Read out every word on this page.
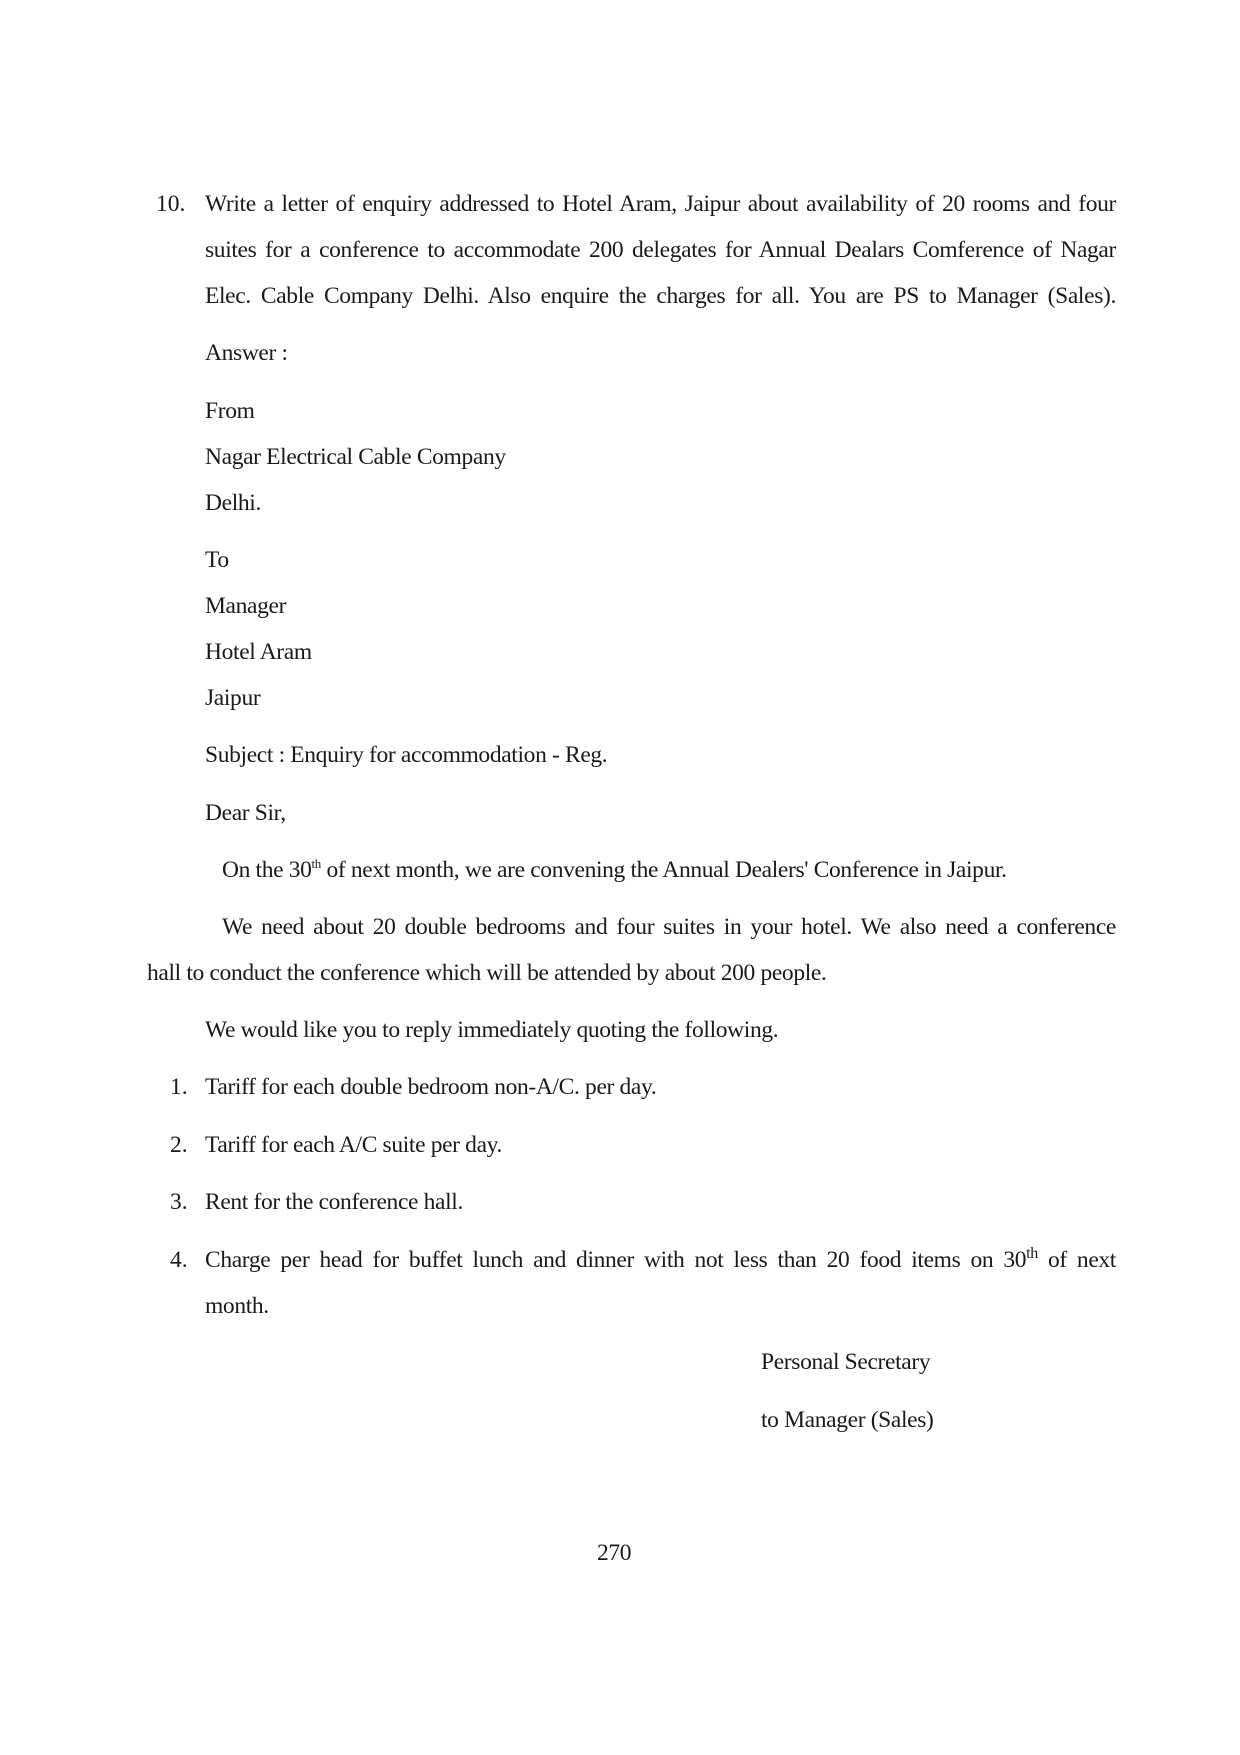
10. Write a letter of enquiry addressed to Hotel Aram, Jaipur about availability of 20 rooms and four
suites for a conference to accommodate 200 delegates for Annual Dealars Comference of Nagar
Elec. Cable Company Delhi. Also enquire the charges for all. You are PS to Manager (Sales).
Answer :
From
Nagar Electrical Cable Company
Delhi.
To
Manager
Hotel Aram
Jaipur
Subject : Enquiry for accommodation - Reg.
Dear Sir,
On the 30th of next month, we are convening the Annual Dealers' Conference in Jaipur.
We need about 20 double bedrooms and four suites in your hotel. We also need a conference
hall to conduct the conference which will be attended by about 200 people.
We would like you to reply immediately quoting the following.
1. Tariff for each double bedroom non-A/C. per day.
2. Tariff for each A/C suite per day.
3. Rent for the conference hall.
4. Charge per head for buffet lunch and dinner with not less than 20 food items on 30th of next
month.
Personal Secretary
to Manager (Sales)
270
